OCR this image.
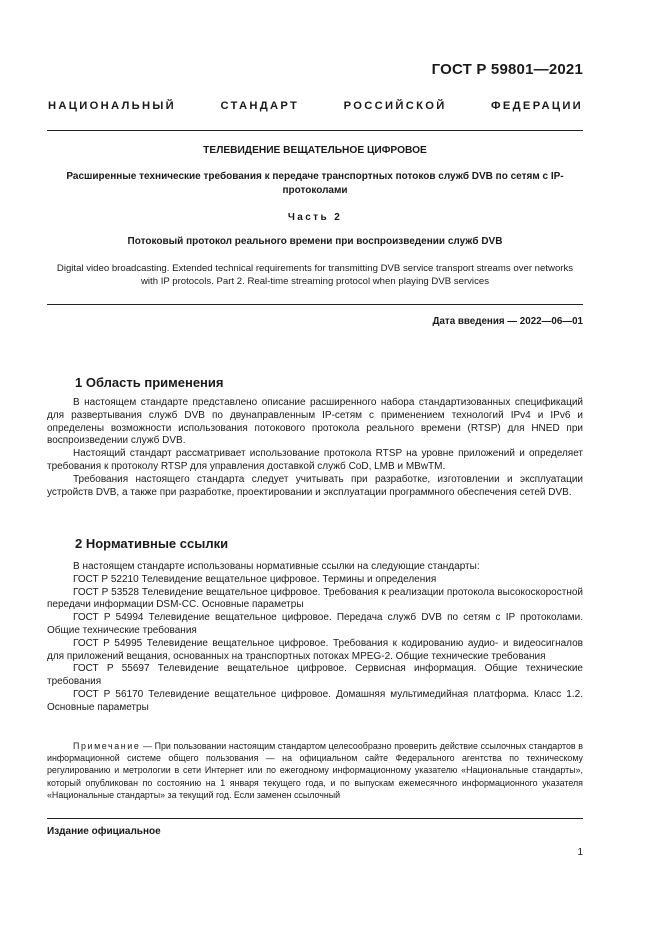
ГОСТ Р 59801—2021
НАЦИОНАЛЬНЫЙ СТАНДАРТ РОССИЙСКОЙ ФЕДЕРАЦИИ
ТЕЛЕВИДЕНИЕ ВЕЩАТЕЛЬНОЕ ЦИФРОВОЕ
Расширенные технические требования к передаче транспортных потоков служб DVB по сетям с IP-протоколами
Часть 2
Потоковый протокол реального времени при воспроизведении служб DVB
Digital video broadcasting. Extended technical requirements for transmitting DVB service transport streams over networks with IP protocols. Part 2. Real-time streaming protocol when playing DVB services
Дата введения — 2022—06—01
1 Область применения

В настоящем стандарте представлено описание расширенного набора стандартизованных спецификаций для развертывания служб DVB по двунаправленным IP-сетям с применением технологий IPv4 и IPv6 и определены возможности использования потокового протокола реального времени (RTSP) для HNED при воспроизведении служб DVB.

Настоящий стандарт рассматривает использование протокола RTSP на уровне приложений и определяет требования к протоколу RTSP для управления доставкой служб CoD, LMB и MBwTM.

Требования настоящего стандарта следует учитывать при разработке, изготовлении и эксплуатации устройств DVB, а также при разработке, проектировании и эксплуатации программного обеспечения сетей DVB.

2 Нормативные ссылки

В настоящем стандарте использованы нормативные ссылки на следующие стандарты:

ГОСТ Р 52210 Телевидение вещательное цифровое. Термины и определения

ГОСТ Р 53528 Телевидение вещательное цифровое. Требования к реализации протокола высокоскоростной передачи информации DSM-CC. Основные параметры

ГОСТ Р 54994 Телевидение вещательное цифровое. Передача служб DVB по сетям с IP протоколами. Общие технические требования

ГОСТ Р 54995 Телевидение вещательное цифровое. Требования к кодированию аудио- и видеосигналов для приложений вещания, основанных на транспортных потоках MPEG-2. Общие технические требования

ГОСТ Р 55697 Телевидение вещательное цифровое. Сервисная информация. Общие технические требования

ГОСТ Р 56170 Телевидение вещательное цифровое. Домашняя мультимедийная платформа. Класс 1.2. Основные параметры

Примечание — При пользовании настоящим стандартом целесообразно проверить действие ссылочных стандартов в информационной системе общего пользования — на официальном сайте Федерального агентства по техническому регулированию и метрологии в сети Интернет или по ежегодному информационному указателю «Национальные стандарты», который опубликован по состоянию на 1 января текущего года, и по выпускам ежемесячного информационного указателя «Национальные стандарты» за текущий год. Если заменен ссылочный
Издание официальное
1
